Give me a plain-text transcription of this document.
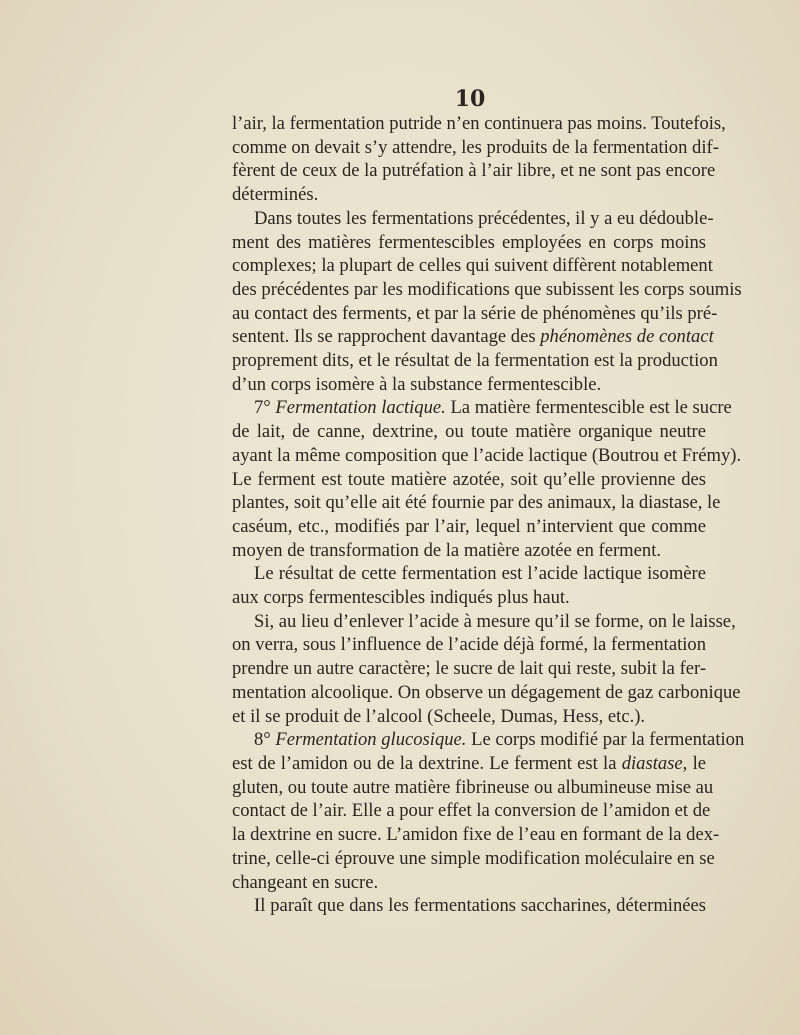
10

l’air, la fermentation putride n’en continuera pas moins. Toutefois,
comme on devait s’y attendre, les produits de la fermentation dif-
fèrent de ceux de la putréfation à l’air libre, et ne sont pas encore
déterminés.

Dans toutes les fermentations précédentes, il y a eu dédouble-
ment des matières fermentescibles employées en corps moins
complexes; la plupart de celles qui suivent diffèrent notablement
des précédentes par les modifications que subissent les corps soumis
au contact des ferments, et par la série de phénomènes qu’ils pré-
sentent. Ils se rapprochent davantage des phénomènes de contact
proprement dits, et le résultat de la fermentation est la production
d’un corps isomère à la substance fermentescible.

7° Fermentation lactique. La matière fermentescible est le sucre
de lait, de canne, dextrine, ou toute matière organique neutre
ayant la même composition que l’acide lactique (Boutrou et Frémy).
Le ferment est toute matière azotée, soit qu’elle provienne des
plantes, soit qu’elle ait été fournie par des animaux, la diastase, le
caséum, etc., modifiés par l’air, lequel n’intervient que comme
moyen de transformation de la matière azotée en ferment.

Le résultat de cette fermentation est l’acide lactique isomère
aux corps fermentescibles indiqués plus haut.

Si, au lieu d’enlever l’acide à mesure qu’il se forme, on le laisse,
on verra, sous l’influence de l’acide déjà formé, la fermentation
prendre un autre caractère; le sucre de lait qui reste, subit la fer-
mentation alcoolique. On observe un dégagement de gaz carbonique
et il se produit de l’alcool (Scheele, Dumas, Hess, etc.).

8° Fermentation glucosique. Le corps modifié par la fermentation
est de l’amidon ou de la dextrine. Le ferment est la diastase, le
gluten, ou toute autre matière fibrineuse ou albumineuse mise au
contact de l’air. Elle a pour effet la conversion de l’amidon et de
la dextrine en sucre. L’amidon fixe de l’eau en formant de la dex-
trine, celle-ci éprouve une simple modification moléculaire en se
changeant en sucre.

Il paraît que dans les fermentations saccharines, déterminées
